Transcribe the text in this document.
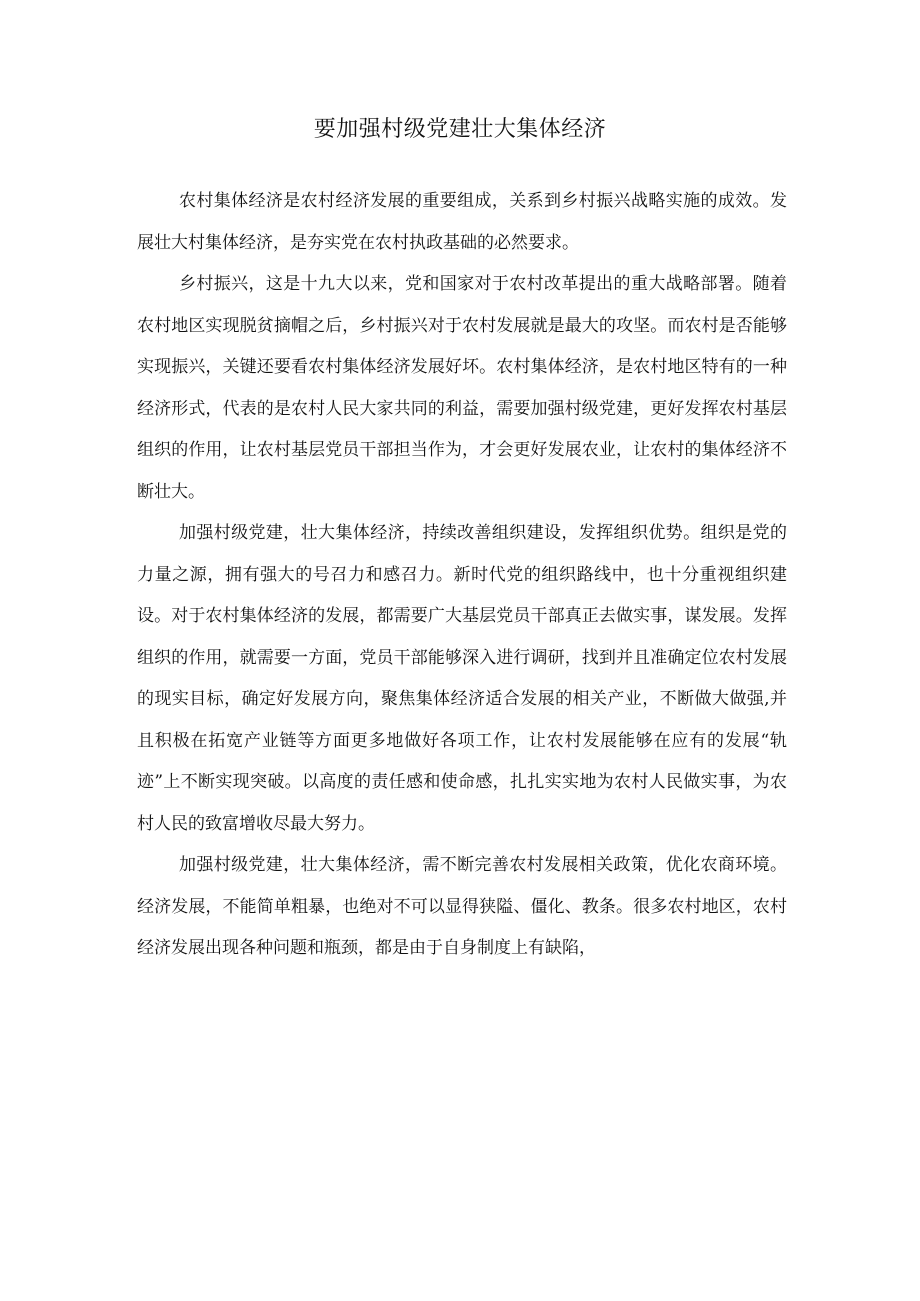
要加强村级党建壮大集体经济

农村集体经济是农村经济发展的重要组成，关系到乡村振兴战略实施的成效。发展壮大村集体经济，是夯实党在农村执政基础的必然要求。

乡村振兴，这是十九大以来，党和国家对于农村改革提出的重大战略部署。随着农村地区实现脱贫摘帽之后，乡村振兴对于农村发展就是最大的攻坚。而农村是否能够实现振兴，关键还要看农村集体经济发展好坏。农村集体经济，是农村地区特有的一种经济形式，代表的是农村人民大家共同的利益，需要加强村级党建，更好发挥农村基层组织的作用，让农村基层党员干部担当作为，才会更好发展农业，让农村的集体经济不断壮大。

加强村级党建，壮大集体经济，持续改善组织建设，发挥组织优势。组织是党的力量之源，拥有强大的号召力和感召力。新时代党的组织路线中，也十分重视组织建设。对于农村集体经济的发展，都需要广大基层党员干部真正去做实事，谋发展。发挥组织的作用，就需要一方面，党员干部能够深入进行调研，找到并且准确定位农村发展的现实目标，确定好发展方向，聚焦集体经济适合发展的相关产业，不断做大做强,并且积极在拓宽产业链等方面更多地做好各项工作，让农村发展能够在应有的发展“轨迹”上不断实现突破。以高度的责任感和使命感，扎扎实实地为农村人民做实事，为农村人民的致富增收尽最大努力。

加强村级党建，壮大集体经济，需不断完善农村发展相关政策，优化农商环境。经济发展，不能简单粗暴，也绝对不可以显得狭隘、僵化、教条。很多农村地区，农村经济发展出现各种问题和瓶颈，都是由于自身制度上有缺陷，
